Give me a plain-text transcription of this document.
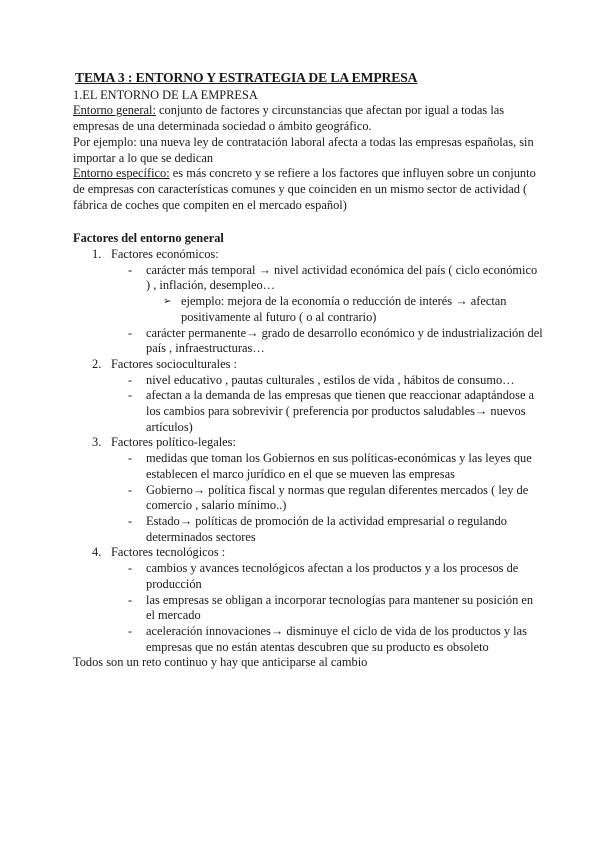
TEMA 3 : ENTORNO Y ESTRATEGIA DE LA EMPRESA

1.EL ENTORNO DE LA EMPRESA

Entorno general: conjunto de factores y circunstancias que afectan por igual a todas las empresas de una determinada sociedad o ámbito geográfico.

Por ejemplo: una nueva ley de contratación laboral afecta a todas las empresas españolas, sin importar a lo que se dedican

Entorno específico: es más concreto y se refiere a los factores que influyen sobre un conjunto de empresas con características comunes y que coinciden en un mismo sector de actividad ( fábrica de coches que compiten en el mercado español)

Factores del entorno general

1. Factores económicos:
- carácter más temporal → nivel actividad económica del país ( ciclo económico ) , inflación, desempleo…
➢ ejemplo: mejora de la economía o reducción de interés → afectan positivamente al futuro ( o al contrario)
- carácter permanente→ grado de desarrollo económico y de industrialización del país , infraestructuras…
2. Factores socioculturales :
- nivel educativo , pautas culturales , estilos de vida , hábitos de consumo…
- afectan a la demanda de las empresas que tienen que reaccionar adaptándose a los cambios para sobrevivir ( preferencia por productos saludables→ nuevos artículos)
3. Factores político-legales:
- medidas que toman los Gobiernos en sus políticas-económicas y las leyes que establecen el marco jurídico en el que se mueven las empresas
- Gobierno→ política fiscal y normas que regulan diferentes mercados ( ley de comercio , salario mínimo..)
- Estado→ políticas de promoción de la actividad empresarial o regulando determinados sectores
4. Factores tecnológicos :
- cambios y avances tecnológicos afectan a los productos y a los procesos de producción
- las empresas se obligan a incorporar tecnologías para mantener su posición en el mercado
- aceleración innovaciones→ disminuye el ciclo de vida de los productos y las empresas que no están atentas descubren que su producto es obsoleto

Todos son un reto continuo y hay que anticiparse al cambio
